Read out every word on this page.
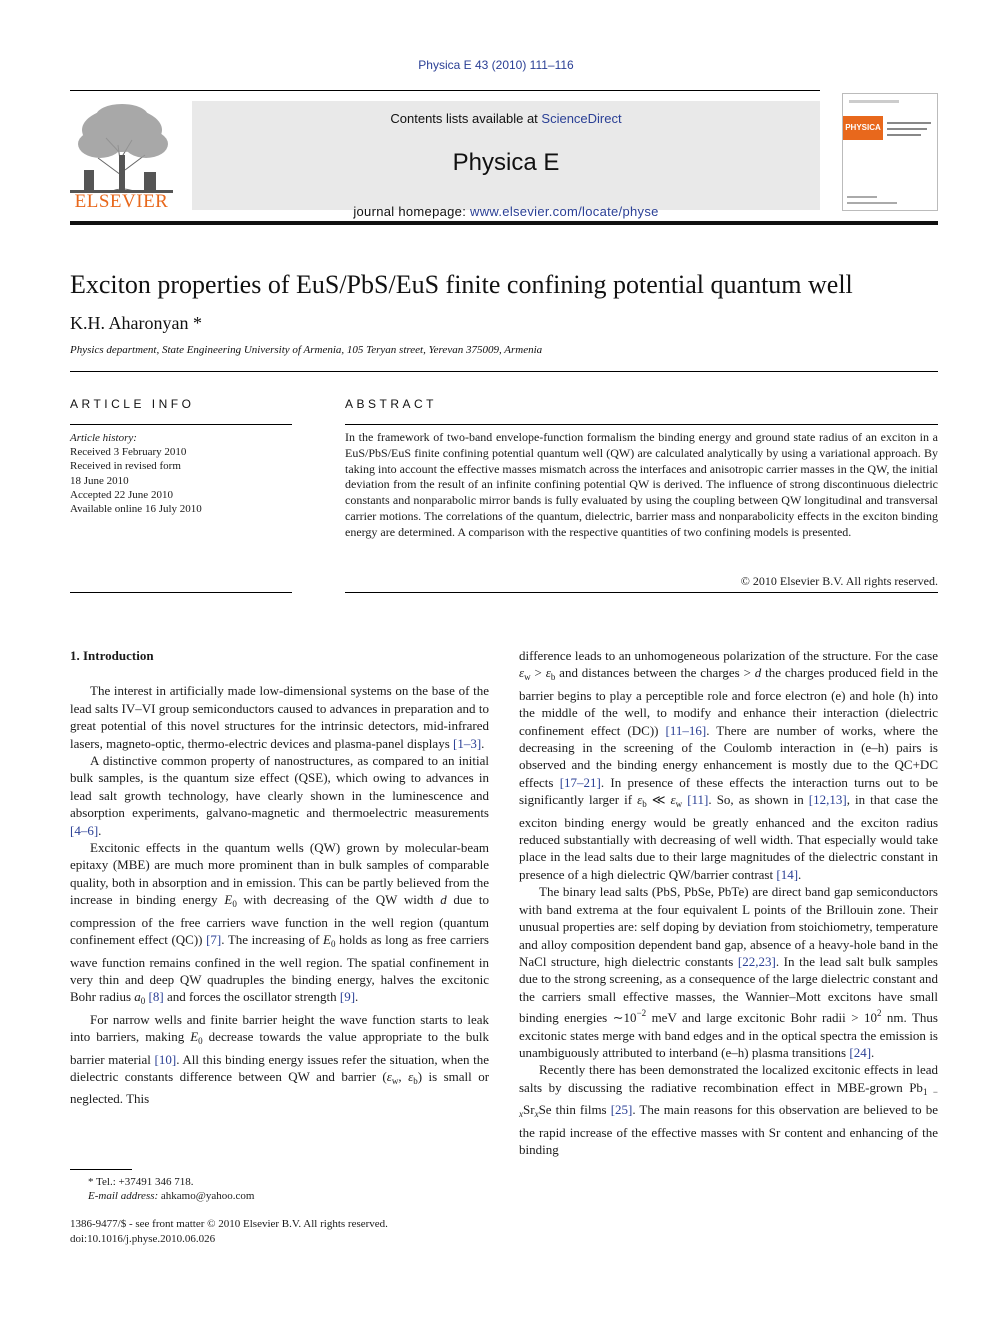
Physica E 43 (2010) 111–116
ELSEVIER
Contents lists available at ScienceDirect
Physica E
journal homepage: www.elsevier.com/locate/physe
PHYSICA
Exciton properties of EuS/PbS/EuS finite confining potential quantum well
K.H. Aharonyan *
Physics department, State Engineering University of Armenia, 105 Teryan street, Yerevan 375009, Armenia
ARTICLE INFO	ABSTRACT
Article history:
Received 3 February 2010
Received in revised form
18 June 2010
Accepted 22 June 2010
Available online 16 July 2010
In the framework of two-band envelope-function formalism the binding energy and ground state radius of an exciton in a EuS/PbS/EuS finite confining potential quantum well (QW) are calculated analytically by using a variational approach. By taking into account the effective masses mismatch across the interfaces and anisotropic carrier masses in the QW, the initial deviation from the result of an infinite confining potential QW is derived. The influence of strong discontinuous dielectric constants and nonparabolic mirror bands is fully evaluated by using the coupling between QW longitudinal and transversal carrier motions. The correlations of the quantum, dielectric, barrier mass and nonparabolicity effects in the exciton binding energy are determined. A comparison with the respective quantities of two confining models is presented.
© 2010 Elsevier B.V. All rights reserved.
1. Introduction

The interest in artificially made low-dimensional systems on the base of the lead salts IV–VI group semiconductors caused to advances in preparation and to great potential of this novel structures for the intrinsic detectors, mid-infrared lasers, magneto-optic, thermo-electric devices and plasma-panel displays [1–3].

A distinctive common property of nanostructures, as compared to an initial bulk samples, is the quantum size effect (QSE), which owing to advances in lead salt growth technology, have clearly shown in the luminescence and absorption experiments, galvano-magnetic and thermoelectric measurements [4–6].

Excitonic effects in the quantum wells (QW) grown by molecular-beam epitaxy (MBE) are much more prominent than in bulk samples of comparable quality, both in absorption and in emission. This can be partly believed from the increase in binding energy $E_0$ with decreasing of the QW width d due to compression of the free carriers wave function in the well region (quantum confinement effect (QC)) [7]. The increasing of $E_0$ holds as long as free carriers wave function remains confined in the well region. The spatial confinement in very thin and deep QW quadruples the binding energy, halves the excitonic Bohr radius $a_0$ [8] and forces the oscillator strength [9].

For narrow wells and finite barrier height the wave function starts to leak into barriers, making $E_0$ decrease towards the value appropriate to the bulk barrier material [10]. All this binding energy issues refer the situation, when the dielectric constants difference between QW and barrier ($\varepsilon_w$, $\varepsilon_b$) is small or neglected. This

difference leads to an unhomogeneous polarization of the structure. For the case $\varepsilon_w > \varepsilon_b$ and distances between the charges > d the charges produced field in the barrier begins to play a perceptible role and force electron (e) and hole (h) into the middle of the well, to modify and enhance their interaction (dielectric confinement effect (DC)) [11–16]. There are number of works, where the decreasing in the screening of the Coulomb interaction in (e–h) pairs is observed and the binding energy enhancement is mostly due to the QC+DC effects [17–21]. In presence of these effects the interaction turns out to be significantly larger if $\varepsilon_b$ ≪ $\varepsilon_w$ [11]. So, as shown in [12,13], in that case the exciton binding energy would be greatly enhanced and the exciton radius reduced substantially with decreasing of well width. That especially would take place in the lead salts due to their large magnitudes of the dielectric constant in presence of a high dielectric QW/barrier contrast [14].

The binary lead salts (PbS, PbSe, PbTe) are direct band gap semiconductors with band extrema at the four equivalent L points of the Brillouin zone. Their unusual properties are: self doping by deviation from stoichiometry, temperature and alloy composition dependent band gap, absence of a heavy-hole band in the NaCl structure, high dielectric constants [22,23]. In the lead salt bulk samples due to the strong screening, as a consequence of the large dielectric constant and the carriers small effective masses, the Wannier–Mott excitons have small binding energies $\sim 10^{-2}$ meV and large excitonic Bohr radii > $10^2$ nm. Thus excitonic states merge with band edges and in the optical spectra the emission is unambiguously attributed to interband (e–h) plasma transitions [24].

Recently there has been demonstrated the localized excitonic effects in lead salts by discussing the radiative recombination effect in MBE-grown $Pb_{1 - x}Sr_xSe$ thin films [25]. The main reasons for this observation are believed to be the rapid increase of the effective masses with Sr content and enhancing of the binding

* Tel.: +37491 346 718.
E-mail address: ahkamo@yahoo.com
1386-9477/$ - see front matter © 2010 Elsevier B.V. All rights reserved.
doi:10.1016/j.physe.2010.06.026
